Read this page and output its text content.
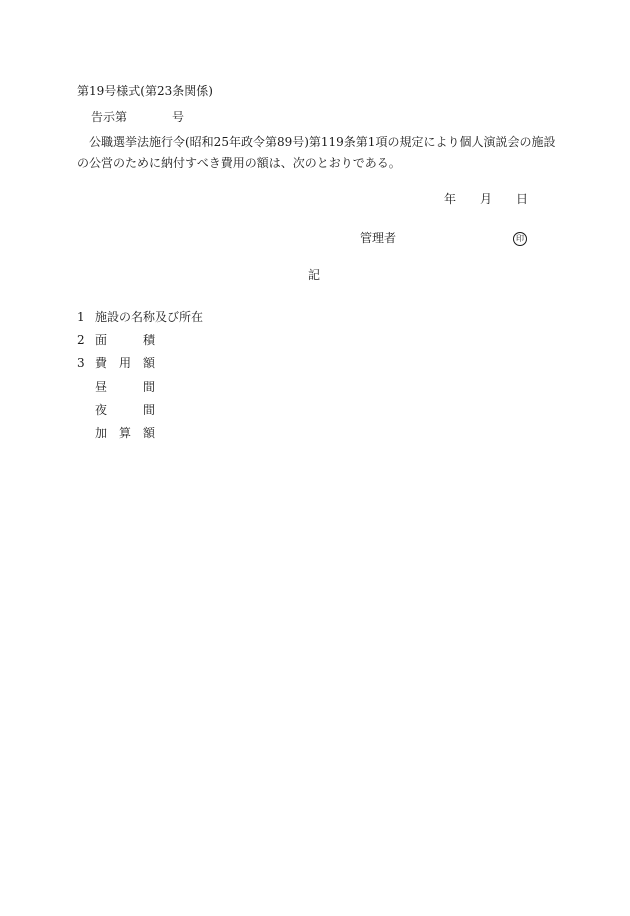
第19号様式(第23条関係)
告示第	号
公職選挙法施行令(昭和25年政令第89号)第119条第1項の規定により個人演説会の施設の公営のために納付すべき費用の額は、次のとおりである。
年 月 日
管理者	印
記
1 施設の名称及び所在
2 面	積
3 費 用 額
昼	間
夜	間
加 算 額
